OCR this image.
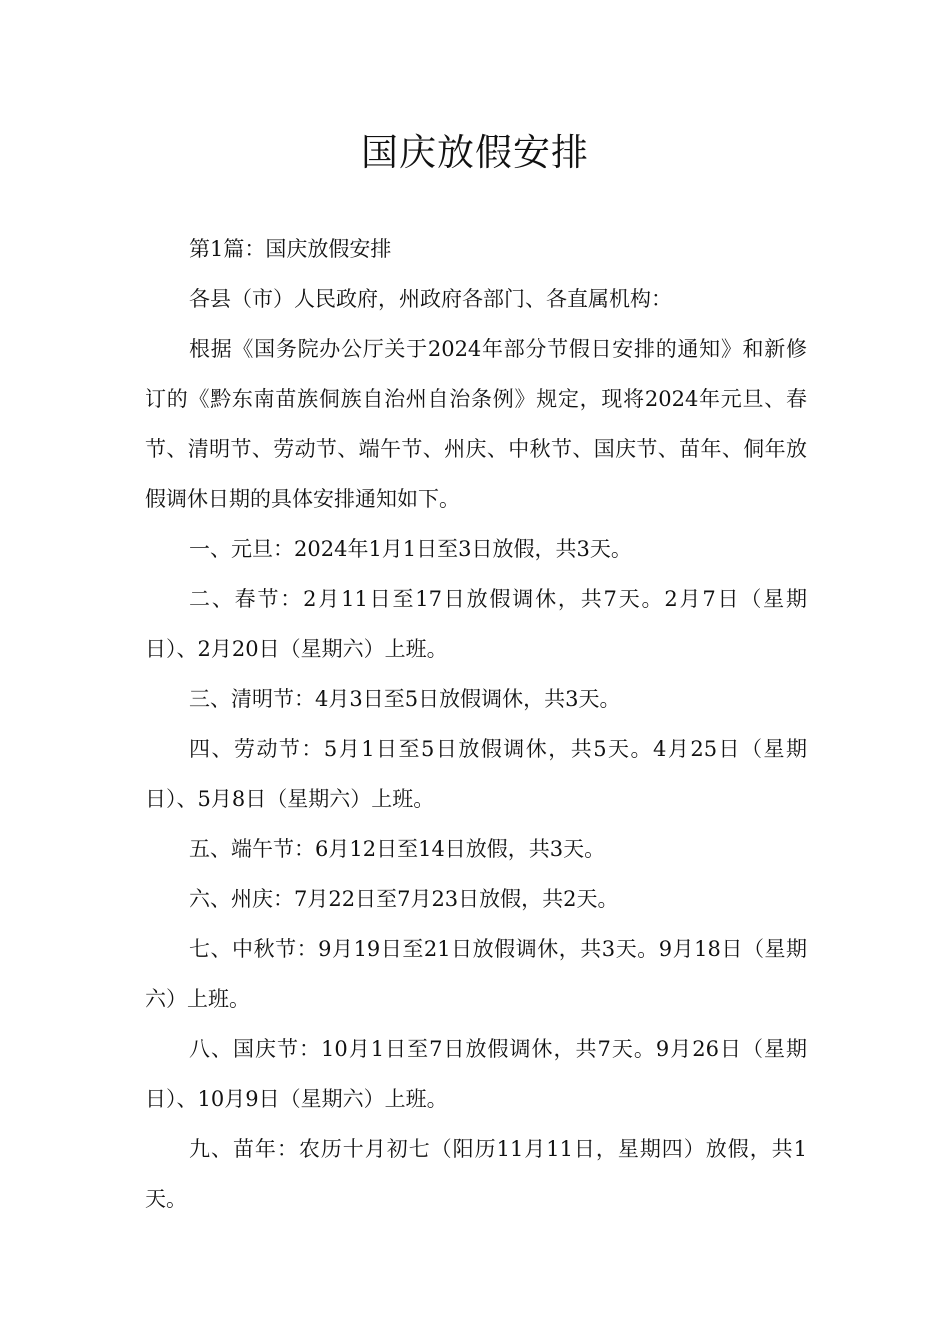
国庆放假安排

第1篇：国庆放假安排

各县（市）人民政府，州政府各部门、各直属机构：

根据《国务院办公厅关于2024年部分节假日安排的通知》和新修订的《黔东南苗族侗族自治州自治条例》规定，现将2024年元旦、春节、清明节、劳动节、端午节、州庆、中秋节、国庆节、苗年、侗年放假调休日期的具体安排通知如下。

一、元旦：2024年1月1日至3日放假，共3天。

二、春节：2月11日至17日放假调休，共7天。2月7日（星期日）、2月20日（星期六）上班。

三、清明节：4月3日至5日放假调休，共3天。

四、劳动节：5月1日至5日放假调休，共5天。4月25日（星期日）、5月8日（星期六）上班。

五、端午节：6月12日至14日放假，共3天。

六、州庆：7月22日至7月23日放假，共2天。

七、中秋节：9月19日至21日放假调休，共3天。9月18日（星期六）上班。

八、国庆节：10月1日至7日放假调休，共7天。9月26日（星期日）、10月9日（星期六）上班。

九、苗年：农历十月初七（阳历11月11日，星期四）放假，共1天。
